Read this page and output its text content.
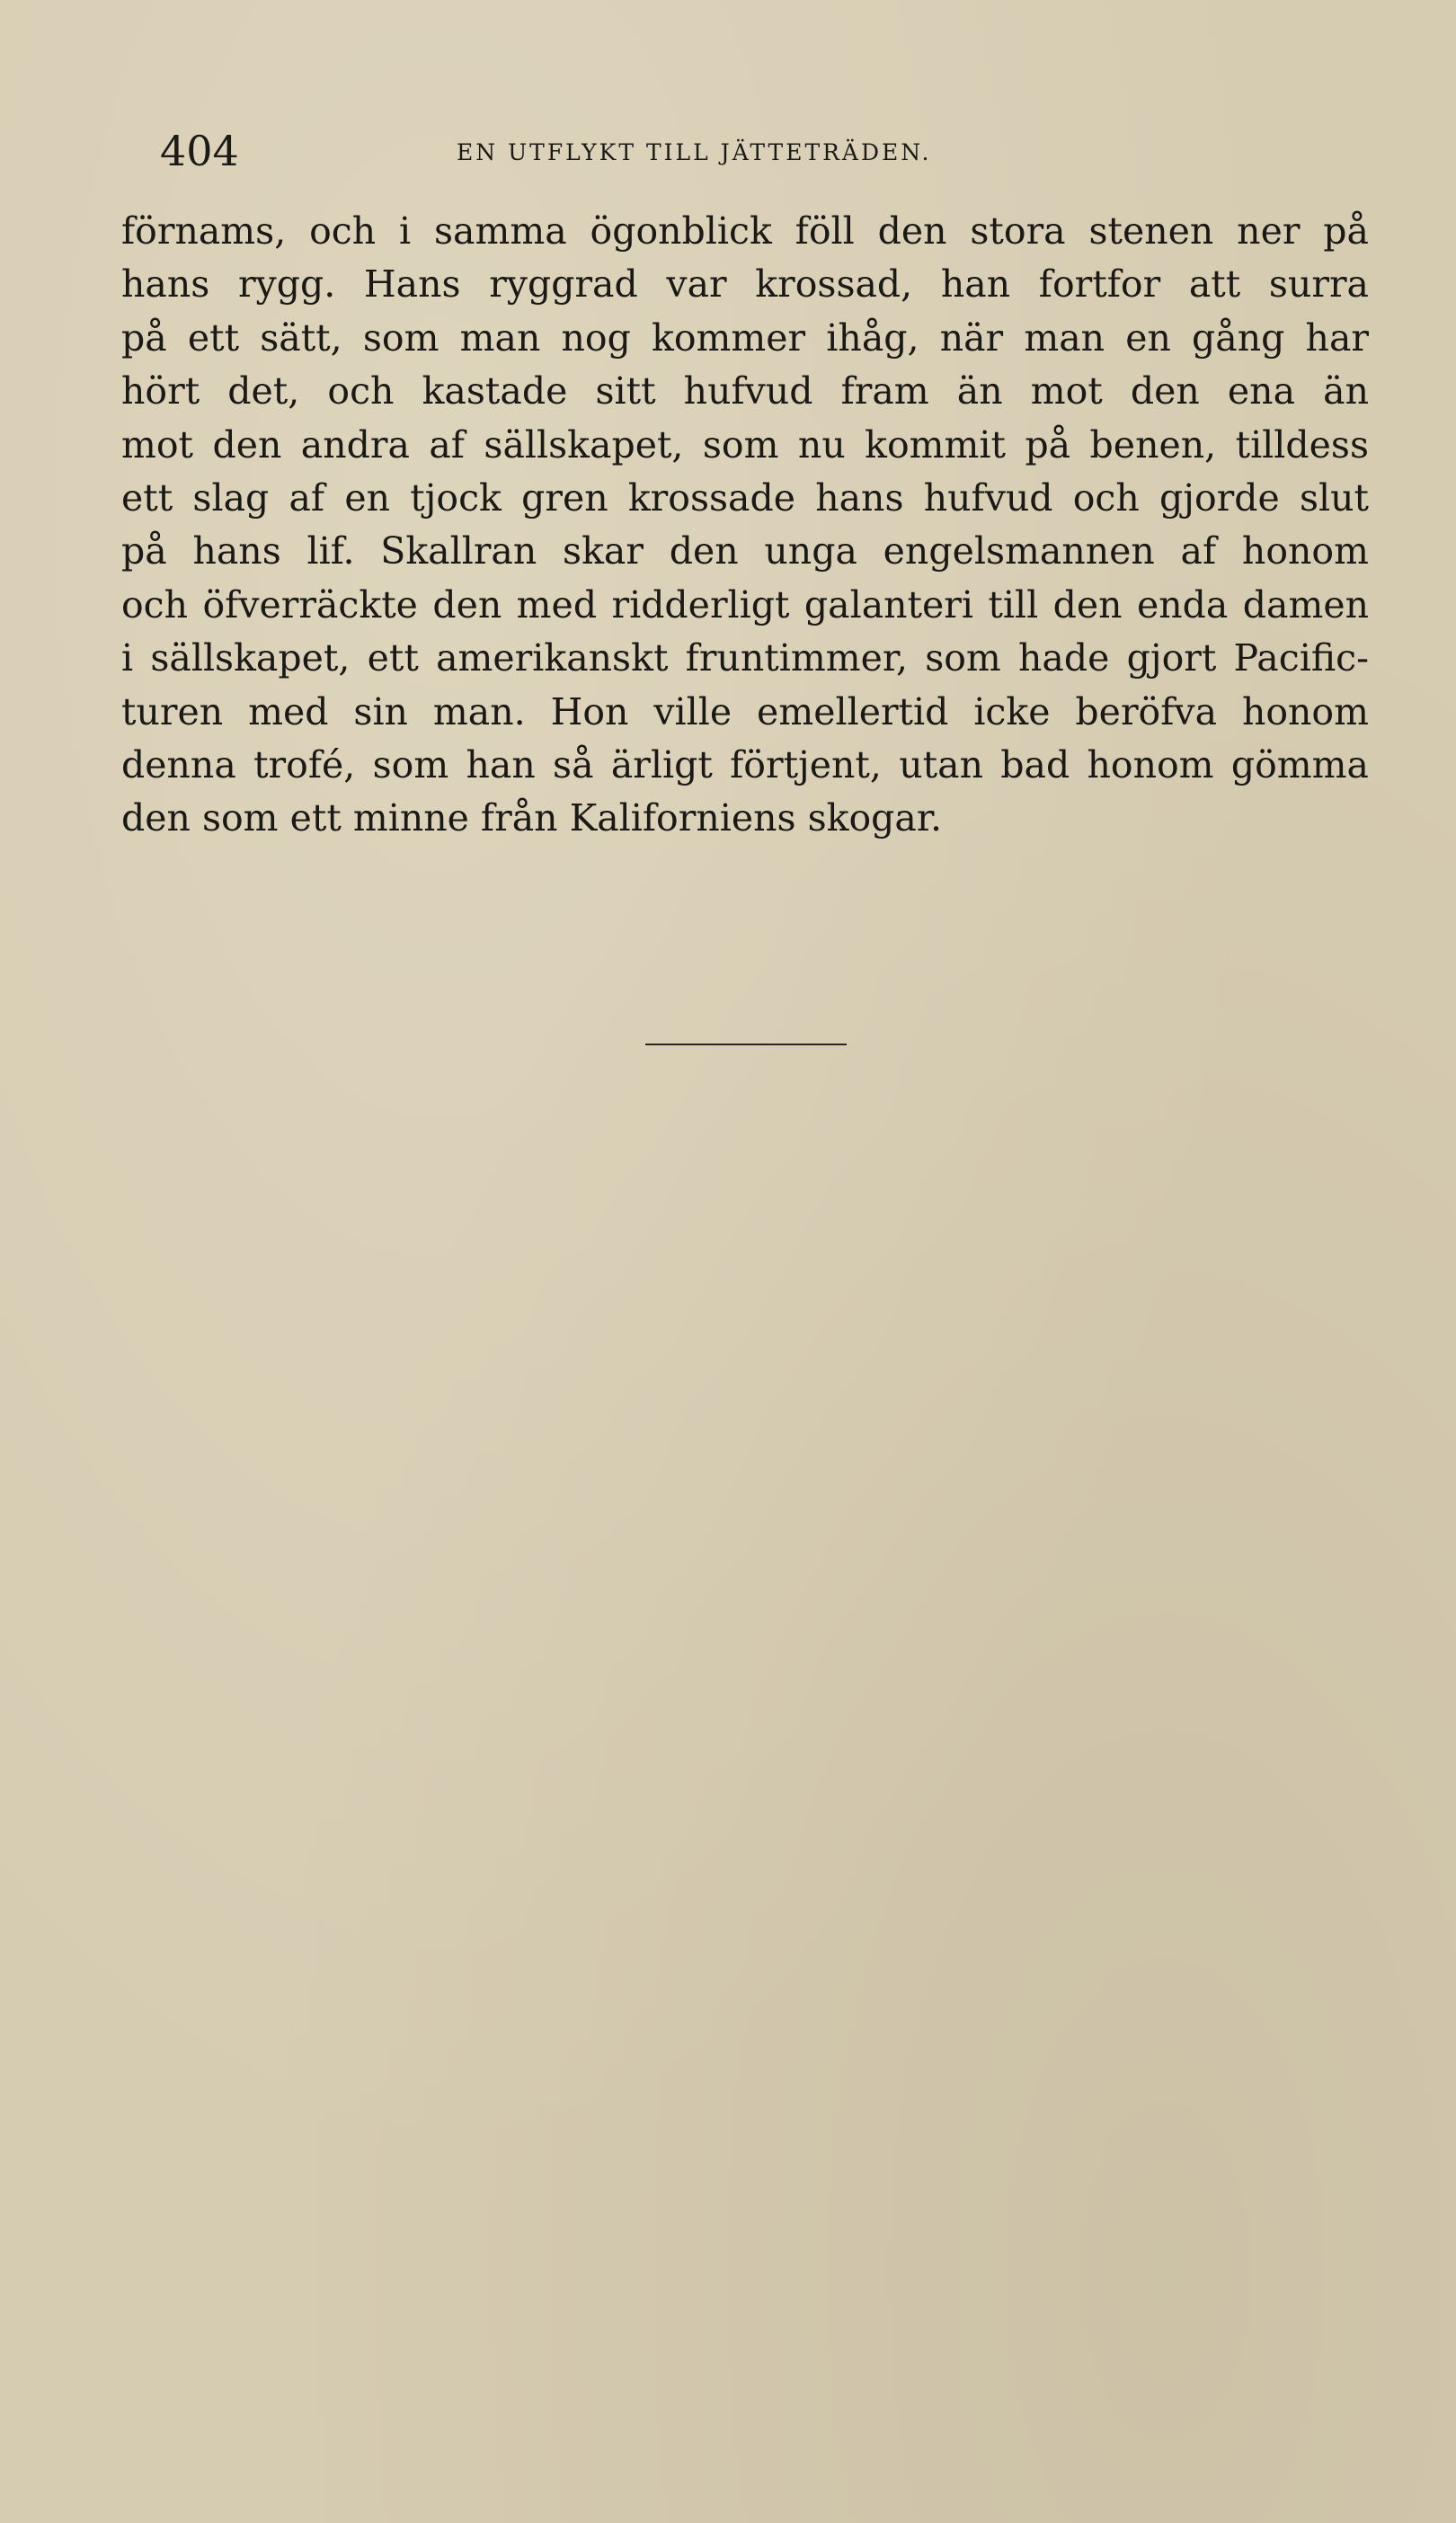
404	EN UTFLYKT TILL JÄTTETRÄDEN.
förnams, och i samma ögonblick föll den stora stenen ner på
hans rygg. Hans ryggrad var krossad, han fortfor att surra
på ett sätt, som man nog kommer ihåg, när man en gång har
hört det, och kastade sitt hufvud fram än mot den ena än
mot den andra af sällskapet, som nu kommit på benen, tilldess
ett slag af en tjock gren krossade hans hufvud och gjorde slut
på hans lif. Skallran skar den unga engelsmannen af honom
och öfverräckte den med ridderligt galanteri till den enda damen
i sällskapet, ett amerikanskt fruntimmer, som hade gjort Pacific-
turen med sin man. Hon ville emellertid icke beröfva honom
denna trofé, som han så ärligt förtjent, utan bad honom gömma
den som ett minne från Kaliforniens skogar.
